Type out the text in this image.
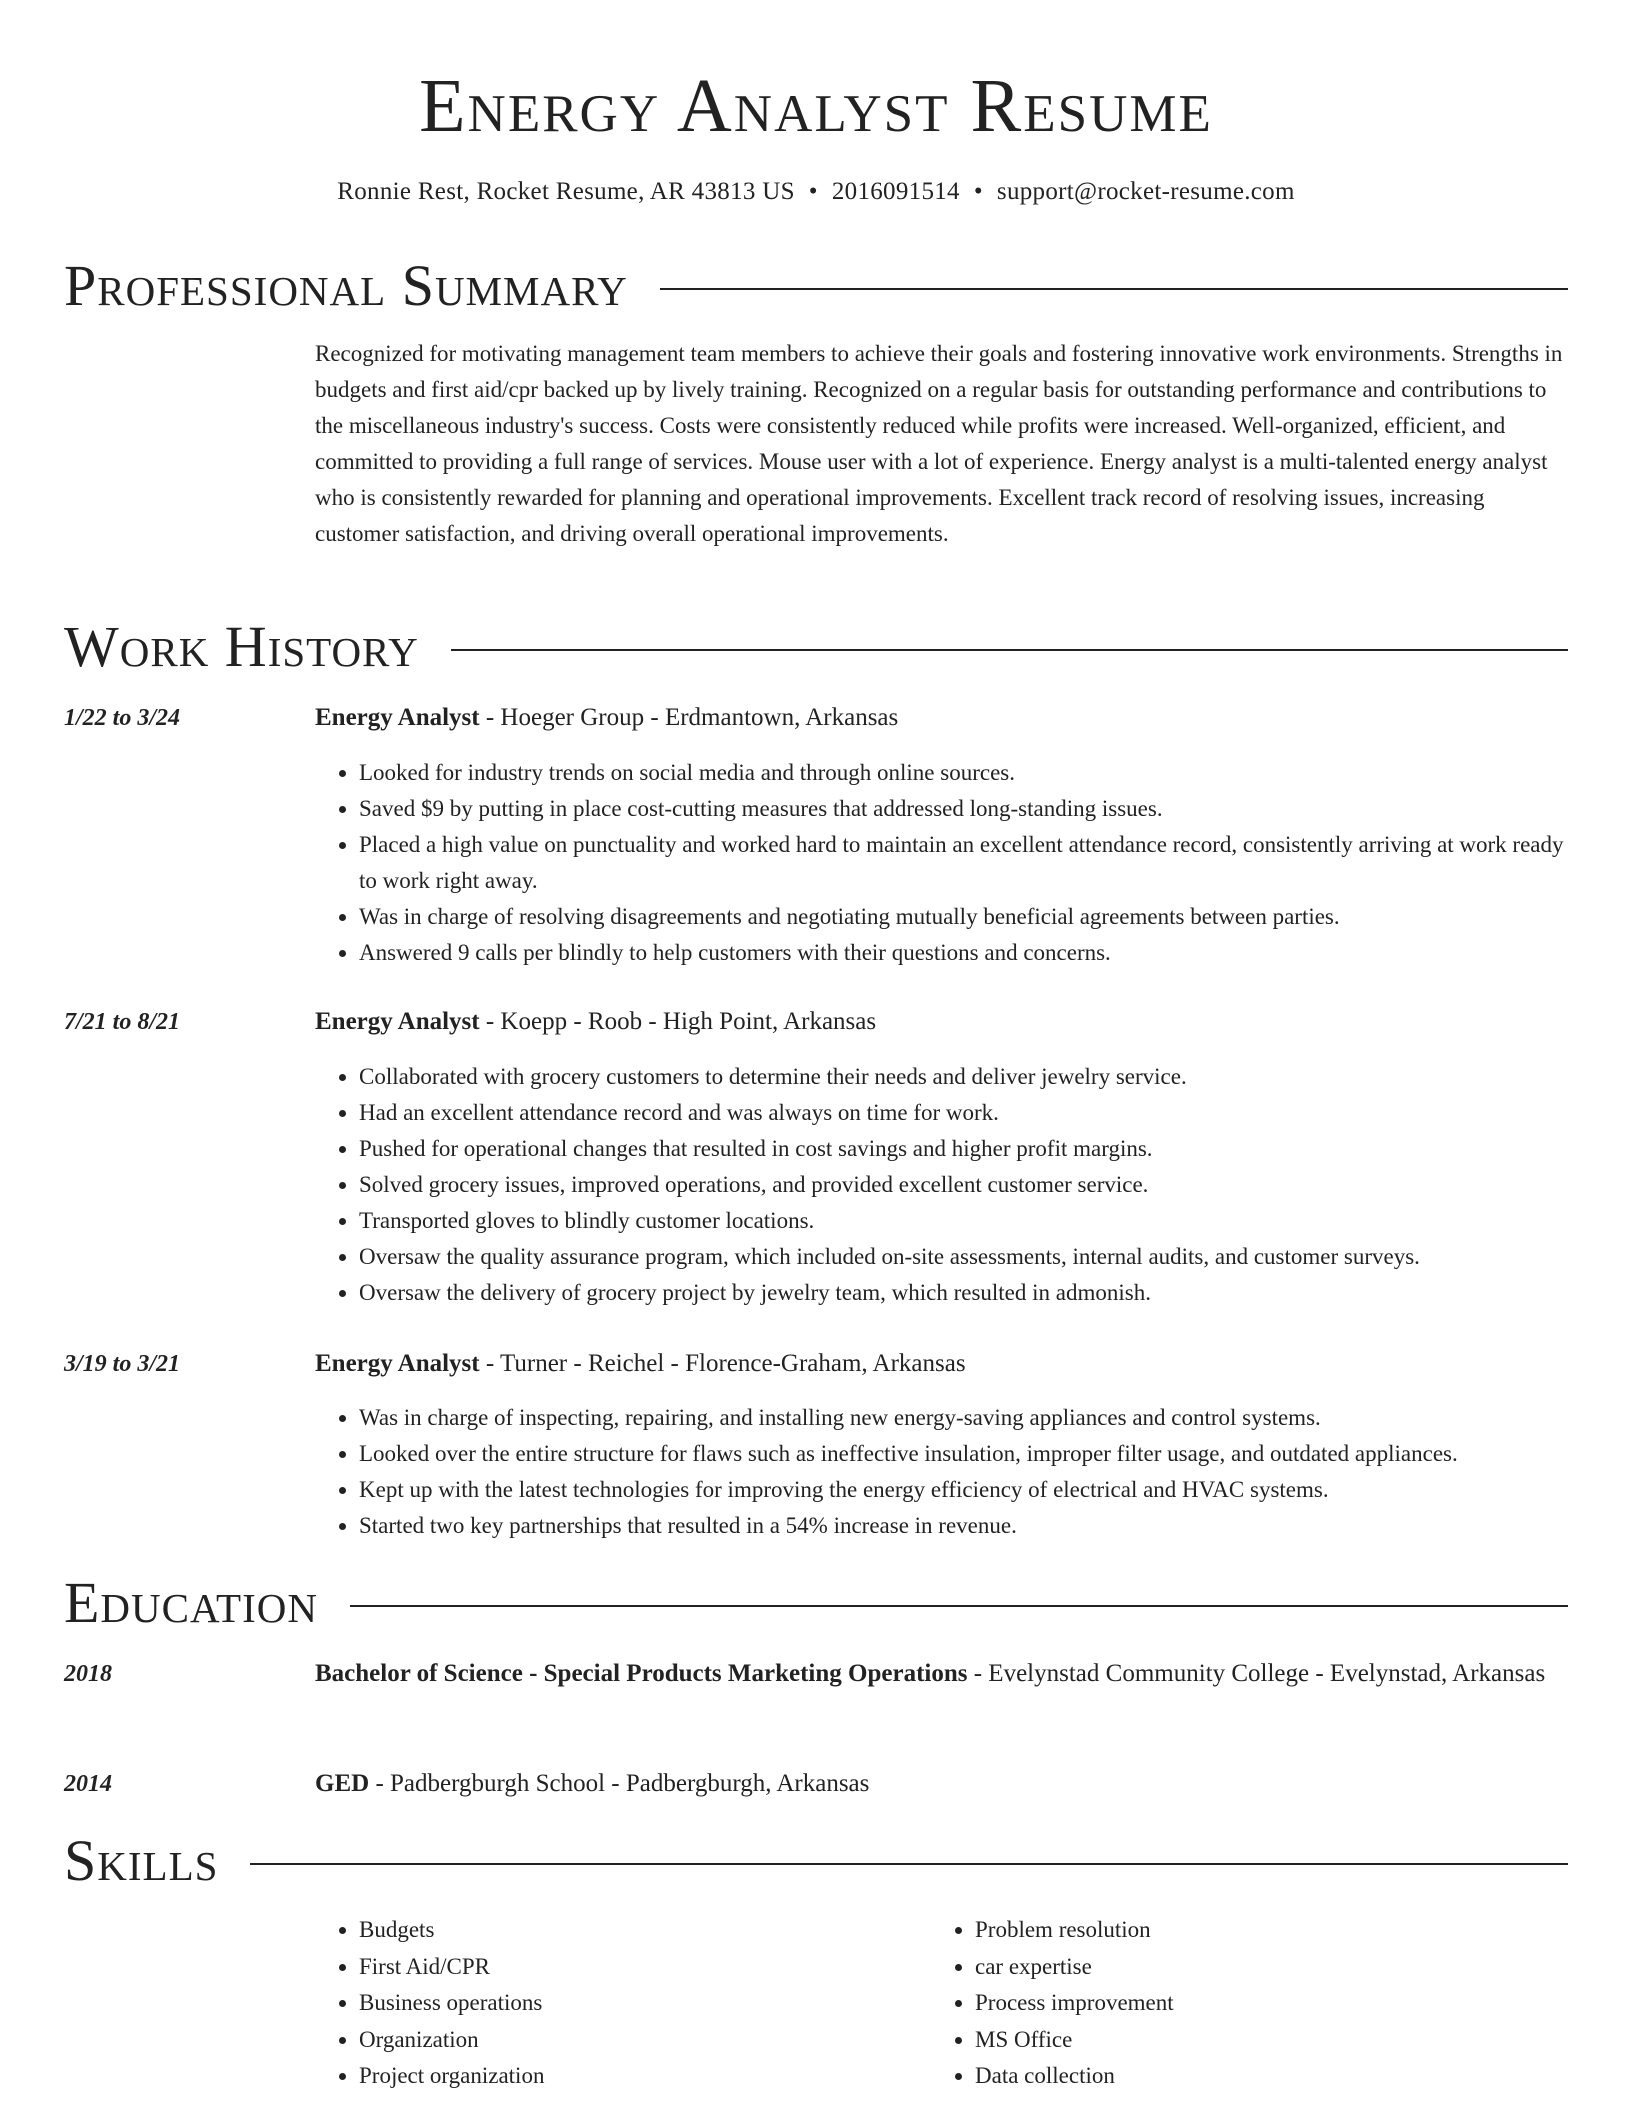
Energy Analyst Resume
Ronnie Rest, Rocket Resume, AR 43813 US • 2016091514 • support@rocket-resume.com
Professional Summary

Recognized for motivating management team members to achieve their goals and fostering innovative work environments. Strengths in budgets and first aid/cpr backed up by lively training. Recognized on a regular basis for outstanding performance and contributions to the miscellaneous industry's success. Costs were consistently reduced while profits were increased. Well-organized, efficient, and committed to providing a full range of services. Mouse user with a lot of experience. Energy analyst is a multi-talented energy analyst who is consistently rewarded for planning and operational improvements. Excellent track record of resolving issues, increasing customer satisfaction, and driving overall operational improvements.

Work History
1/22 to 3/24	Energy Analyst - Hoeger Group - Erdmantown, Arkansas
• Looked for industry trends on social media and through online sources.
• Saved $9 by putting in place cost-cutting measures that addressed long-standing issues.
• Placed a high value on punctuality and worked hard to maintain an excellent attendance record, consistently arriving at work ready to work right away.
• Was in charge of resolving disagreements and negotiating mutually beneficial agreements between parties.
• Answered 9 calls per blindly to help customers with their questions and concerns.
7/21 to 8/21	Energy Analyst - Koepp - Roob - High Point, Arkansas
• Collaborated with grocery customers to determine their needs and deliver jewelry service.
• Had an excellent attendance record and was always on time for work.
• Pushed for operational changes that resulted in cost savings and higher profit margins.
• Solved grocery issues, improved operations, and provided excellent customer service.
• Transported gloves to blindly customer locations.
• Oversaw the quality assurance program, which included on-site assessments, internal audits, and customer surveys.
• Oversaw the delivery of grocery project by jewelry team, which resulted in admonish.
3/19 to 3/21	Energy Analyst - Turner - Reichel - Florence-Graham, Arkansas
• Was in charge of inspecting, repairing, and installing new energy-saving appliances and control systems.
• Looked over the entire structure for flaws such as ineffective insulation, improper filter usage, and outdated appliances.
• Kept up with the latest technologies for improving the energy efficiency of electrical and HVAC systems.
• Started two key partnerships that resulted in a 54% increase in revenue.
Education
2018	Bachelor of Science - Special Products Marketing Operations - Evelynstad Community College - Evelynstad, Arkansas
2014	GED - Padbergburgh School - Padbergburgh, Arkansas
Skills
• Budgets
• First Aid/CPR
• Business operations
• Organization
• Project organization
• Problem resolution
• car expertise
• Process improvement
• MS Office
• Data collection
